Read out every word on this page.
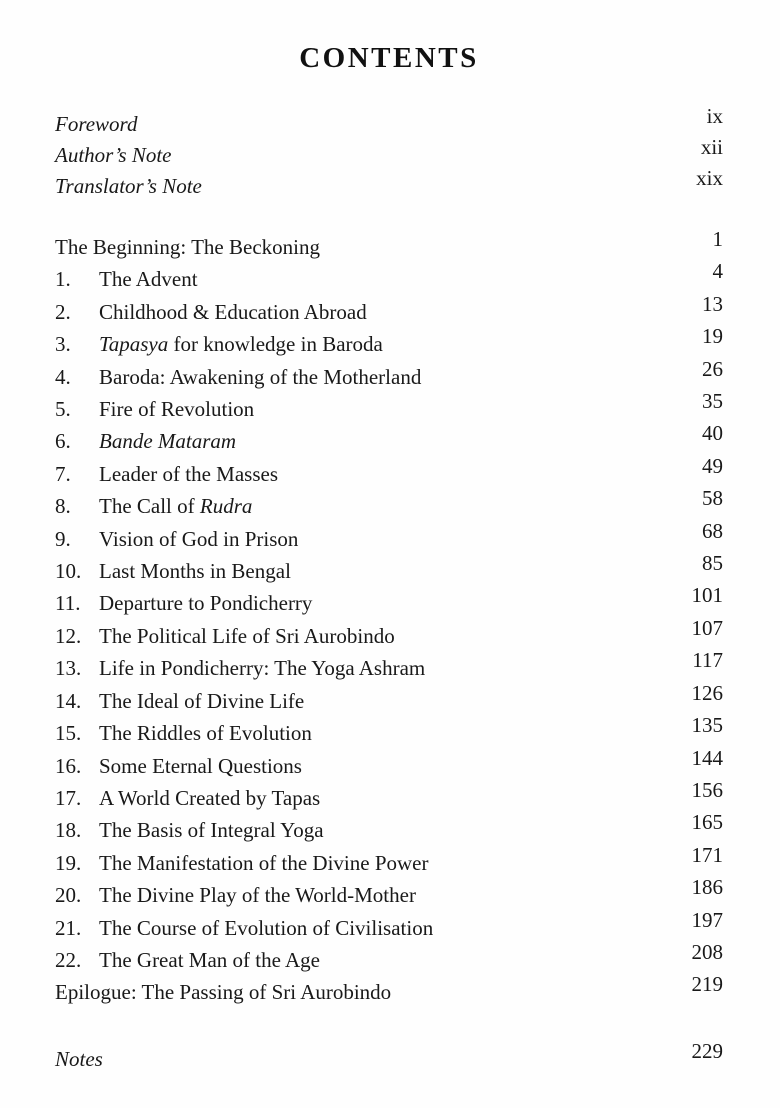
CONTENTS
Foreword	ix
Author’s Note	xii
Translator’s Note	xix
The Beginning: The Beckoning	1
1.	The Advent	4
2.	Childhood & Education Abroad	13
3.	Tapasya for knowledge in Baroda	19
4.	Baroda: Awakening of the Motherland	26
5.	Fire of Revolution	35
6.	Bande Mataram	40
7.	Leader of the Masses	49
8.	The Call of Rudra	58
9.	Vision of God in Prison	68
10. Last Months in Bengal	85
11. Departure to Pondicherry	101
12. The Political Life of Sri Aurobindo	107
13. Life in Pondicherry: The Yoga Ashram	117
14. The Ideal of Divine Life	126
15. The Riddles of Evolution	135
16. Some Eternal Questions	144
17. A World Created by Tapas	156
18. The Basis of Integral Yoga	165
19. The Manifestation of the Divine Power	171
20. The Divine Play of the World-Mother	186
21. The Course of Evolution of Civilisation	197
22. The Great Man of the Age	208
Epilogue: The Passing of Sri Aurobindo	219
Notes	229
